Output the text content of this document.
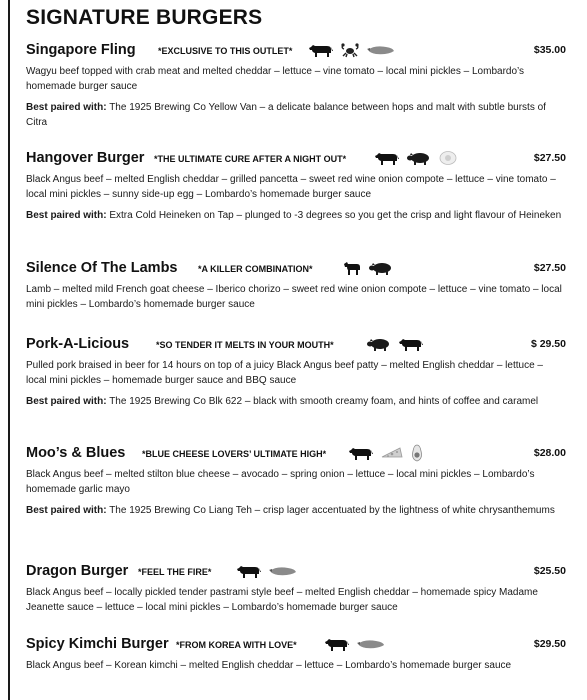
SIGNATURE BURGERS
Singapore Fling *EXCLUSIVE TO THIS OUTLET*	$35.00

Wagyu beef topped with crab meat and melted cheddar – lettuce – vine tomato – local mini pickles – Lombardo’s homemade burger sauce

Best paired with: The 1925 Brewing Co Yellow Van – a delicate balance between hops and malt with subtle bursts of Citra

Hangover Burger *THE ULTIMATE CURE AFTER A NIGHT OUT*	$27.50

Black Angus beef – melted English cheddar – grilled pancetta – sweet red wine onion compote – lettuce – vine tomato – local mini pickles – sunny side-up egg – Lombardo’s homemade burger sauce

Best paired with: Extra Cold Heineken on Tap – plunged to -3 degrees so you get the crisp and light flavour of Heineken

Silence Of The Lambs *A KILLER COMBINATION*	$27.50

Lamb – melted mild French goat cheese – Iberico chorizo – sweet red wine onion compote – lettuce – vine tomato – local mini pickles – Lombardo’s homemade burger sauce

Pork-A-Licious	*SO TENDER IT MELTS IN YOUR MOUTH*	$ 29.50

Pulled pork braised in beer for 14 hours on top of a juicy Black Angus beef patty – melted English cheddar – lettuce – local mini pickles – homemade burger sauce and BBQ sauce

Best paired with: The 1925 Brewing Co Blk 622 – black with smooth creamy foam, and hints of coffee and caramel

Moo’s & Blues *BLUE CHEESE LOVERS’ ULTIMATE HIGH*	$28.00

Black Angus beef – melted stilton blue cheese – avocado – spring onion – lettuce – local mini pickles – Lombardo’s homemade garlic mayo

Best paired with: The 1925 Brewing Co Liang Teh – crisp lager accentuated by the lightness of white chrysanthemums

Dragon Burger *FEEL THE FIRE*	$25.50

Black Angus beef – locally pickled tender pastrami style beef – melted English cheddar – homemade spicy Madame Jeanette sauce – lettuce – local mini pickles – Lombardo’s homemade burger sauce

Spicy Kimchi Burger *FROM KOREA WITH LOVE*	$29.50

Black Angus beef – Korean kimchi – melted English cheddar – lettuce – Lombardo’s homemade burger sauce
